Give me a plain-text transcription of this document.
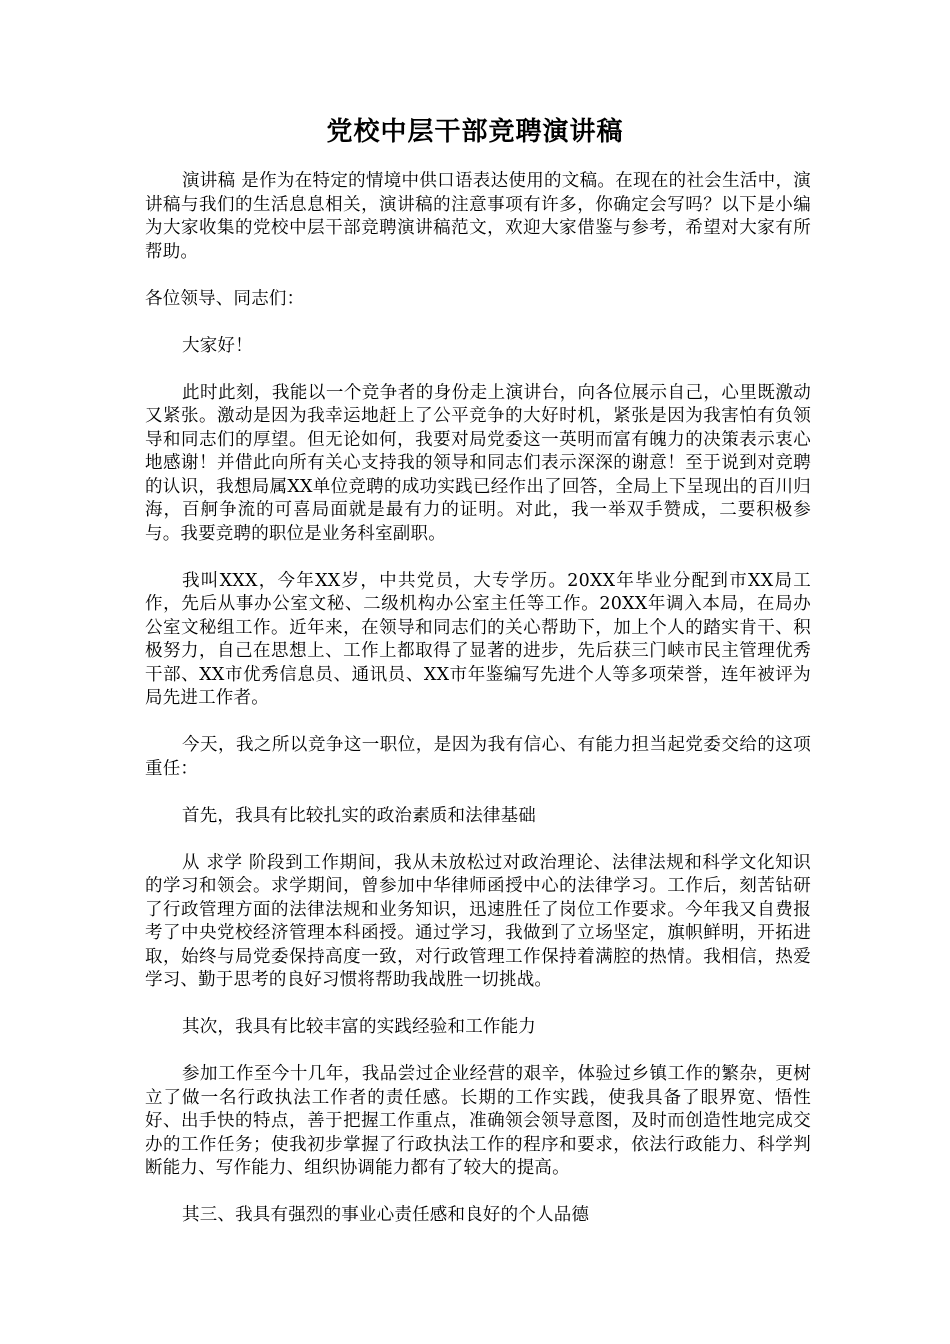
党校中层干部竞聘演讲稿

演讲稿 是作为在特定的情境中供口语表达使用的文稿。在现在的社会生活中，演讲稿与我们的生活息息相关，演讲稿的注意事项有许多，你确定会写吗？以下是小编为大家收集的党校中层干部竞聘演讲稿范文，欢迎大家借鉴与参考，希望对大家有所帮助。

各位领导、同志们：

大家好！

此时此刻，我能以一个竞争者的身份走上演讲台，向各位展示自己，心里既激动又紧张。激动是因为我幸运地赶上了公平竞争的大好时机，紧张是因为我害怕有负领导和同志们的厚望。但无论如何，我要对局党委这一英明而富有魄力的决策表示衷心地感谢！并借此向所有关心支持我的领导和同志们表示深深的谢意！至于说到对竞聘的认识，我想局属XX单位竞聘的成功实践已经作出了回答，全局上下呈现出的百川归海，百舸争流的可喜局面就是最有力的证明。对此，我一举双手赞成，二要积极参与。我要竞聘的职位是业务科室副职。

我叫XXX，今年XX岁，中共党员，大专学历。20XX年毕业分配到市XX局工作，先后从事办公室文秘、二级机构办公室主任等工作。20XX年调入本局，在局办公室文秘组工作。近年来，在领导和同志们的关心帮助下，加上个人的踏实肯干、积极努力，自己在思想上、工作上都取得了显著的进步，先后获三门峡市民主管理优秀干部、XX市优秀信息员、通讯员、XX市年鉴编写先进个人等多项荣誉，连年被评为局先进工作者。

今天，我之所以竞争这一职位，是因为我有信心、有能力担当起党委交给的这项重任：

首先，我具有比较扎实的政治素质和法律基础

从 求学 阶段到工作期间，我从未放松过对政治理论、法律法规和科学文化知识的学习和领会。求学期间，曾参加中华律师函授中心的法律学习。工作后，刻苦钻研了行政管理方面的法律法规和业务知识，迅速胜任了岗位工作要求。今年我又自费报考了中央党校经济管理本科函授。通过学习，我做到了立场坚定，旗帜鲜明，开拓进取，始终与局党委保持高度一致，对行政管理工作保持着满腔的热情。我相信，热爱学习、勤于思考的良好习惯将帮助我战胜一切挑战。

其次，我具有比较丰富的实践经验和工作能力

参加工作至今十几年，我品尝过企业经营的艰辛，体验过乡镇工作的繁杂，更树立了做一名行政执法工作者的责任感。长期的工作实践，使我具备了眼界宽、悟性好、出手快的特点，善于把握工作重点，准确领会领导意图，及时而创造性地完成交办的工作任务；使我初步掌握了行政执法工作的程序和要求，依法行政能力、科学判断能力、写作能力、组织协调能力都有了较大的提高。

其三、我具有强烈的事业心责任感和良好的个人品德
